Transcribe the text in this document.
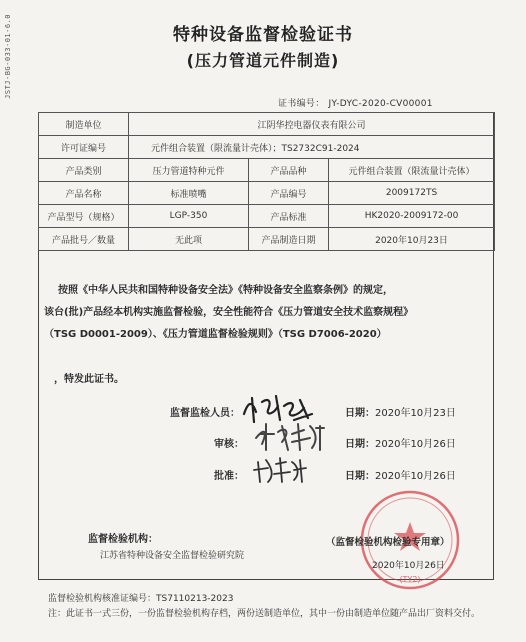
JSTJ-BG-033-01-6.0	特种设备监督检验证书
(压力管道元件制造)
证书编号： JY-DYC-2020-CV00001
制造单位	江阴华控电器仪表有限公司		
许可证编号	元件组合装置（限流量计壳体）；TS2732C91-2024		
产品类别	压力管道特种元件	产品品种	元件组合装置（限流量计壳体）
产品名称	标准喷嘴	产品编号	2009172TS
产品型号（规格）	LGP-350	产品标准	HK2020-2009172-00
产品批号／数量	无此项	产品制造日期	2020年10月23日
按照《中华人民共和国特种设备安全法》《特种设备安全监察条例》的规定，
该台(批)产品经本机构实施监督检验，安全性能符合《压力管道安全技术监察规程》
（TSG D0001-2009）、《压力管道监督检验规则》（TSG D7006-2020）
，特发此证书。
监督监检人员：	日期：2020年10月23日
审核：	日期：2020年10月26日
批准：	日期：2020年10月26日
监督检验机构：
江苏省特种设备安全监督检验研究院
(TY2)
（监督检验机构检验专用章）
2020年10月26日
监督检验机构核准证编号：TS7110213-2023
注：此证书一式三份，一份监督检验机构存档，两份送制造单位，其中一份由制造单位随产品出厂资料交付。
